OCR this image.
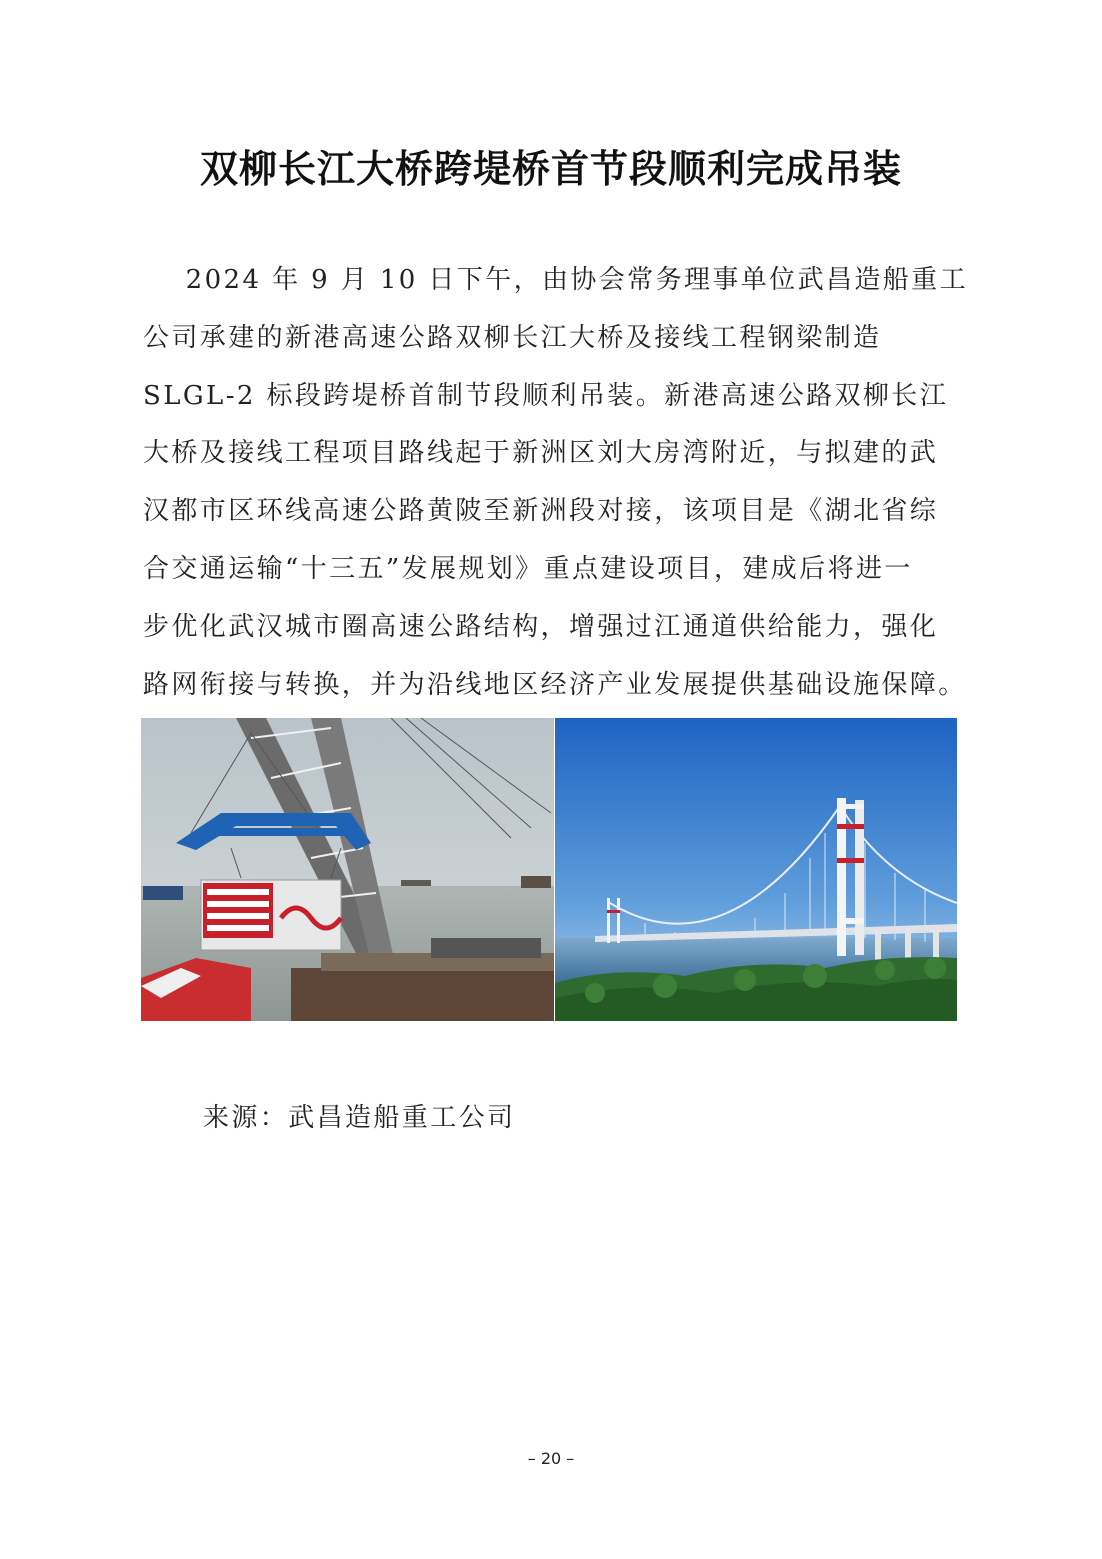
双柳长江大桥跨堤桥首节段顺利完成吊装
2024 年 9 月 10 日下午，由协会常务理事单位武昌造船重工
公司承建的新港高速公路双柳长江大桥及接线工程钢梁制造
SLGL-2 标段跨堤桥首制节段顺利吊装。新港高速公路双柳长江
大桥及接线工程项目路线起于新洲区刘大房湾附近，与拟建的武
汉都市区环线高速公路黄陂至新洲段对接，该项目是《湖北省综
合交通运输“十三五”发展规划》重点建设项目，建成后将进一
步优化武汉城市圈高速公路结构，增强过江通道供给能力，强化
路网衔接与转换，并为沿线地区经济产业发展提供基础设施保障。
来源：武昌造船重工公司
– 20 –
